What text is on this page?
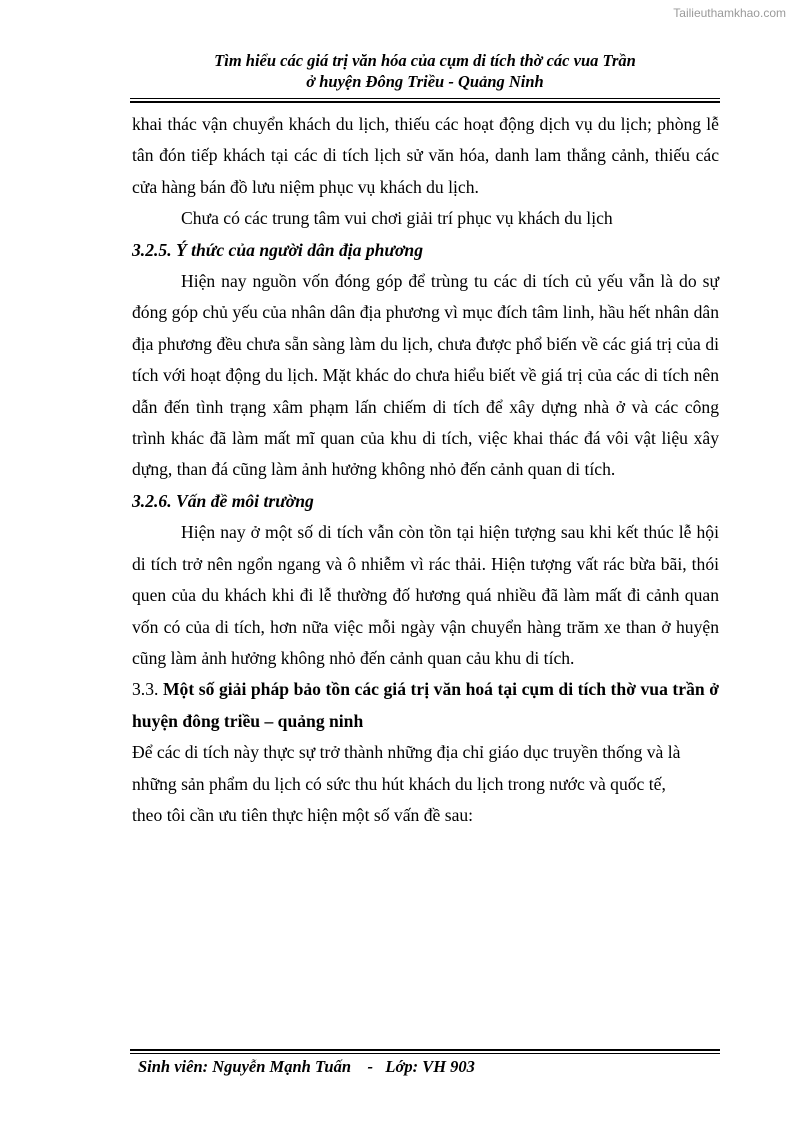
Tailieuthamkhao.com
Tìm hiểu các giá trị văn hóa của cụm di tích thờ các vua Trần
ở huyện Đông Triều - Quảng Ninh

khai thác vận chuyển khách du lịch, thiếu các hoạt động dịch vụ du lịch; phòng lễ tân đón tiếp khách tại các di tích lịch sử văn hóa, danh lam thắng cảnh, thiếu các cửa hàng bán đồ lưu niệm phục vụ khách du lịch.

Chưa có các trung tâm vui chơi giải trí phục vụ khách du lịch

3.2.5. Ý thức của người dân địa phương

Hiện nay nguồn vốn đóng góp để trùng tu các di tích củ yếu vẫn là do sự đóng góp chủ yếu của nhân dân địa phương vì mục đích tâm linh, hầu hết nhân dân địa phương đều chưa sẵn sàng làm du lịch, chưa được phổ biến về các giá trị của di tích với hoạt động du lịch. Mặt khác do chưa hiểu biết về giá trị của các di tích nên dẫn đến tình trạng xâm phạm lấn chiếm di tích để xây dựng nhà ở và các công trình khác đã làm mất mĩ quan của khu di tích, việc khai thác đá vôi vật liệu xây dựng, than đá cũng làm ảnh hưởng không nhỏ đến cảnh quan di tích.

3.2.6. Vấn đề môi trường

Hiện nay ở một số di tích vẫn còn tồn tại hiện tượng sau khi kết thúc lễ hội di tích trở nên ngổn ngang và ô nhiễm vì rác thải. Hiện tượng vất rác bừa bãi, thói quen của du khách khi đi lễ thường đố hương quá nhiều đã làm mất đi cảnh quan vốn có của di tích, hơn nữa việc mỗi ngày vận chuyển hàng trăm xe than ở huyện cũng làm ảnh hưởng không nhỏ đến cảnh quan cảu khu di tích.

3.3. Một số giải pháp bảo tồn các giá trị văn hoá tại cụm di tích thờ vua trần ở huyện đông triều – quảng ninh

Để các di tích này thực sự trở thành những địa chỉ giáo dục truyền thống và là
những sản phẩm du lịch có sức thu hút khách du lịch trong nước và quốc tế,
theo tôi cần ưu tiên thực hiện một số vấn đề sau:

Sinh viên: Nguyễn Mạnh Tuấn    -   Lớp: VH 903
